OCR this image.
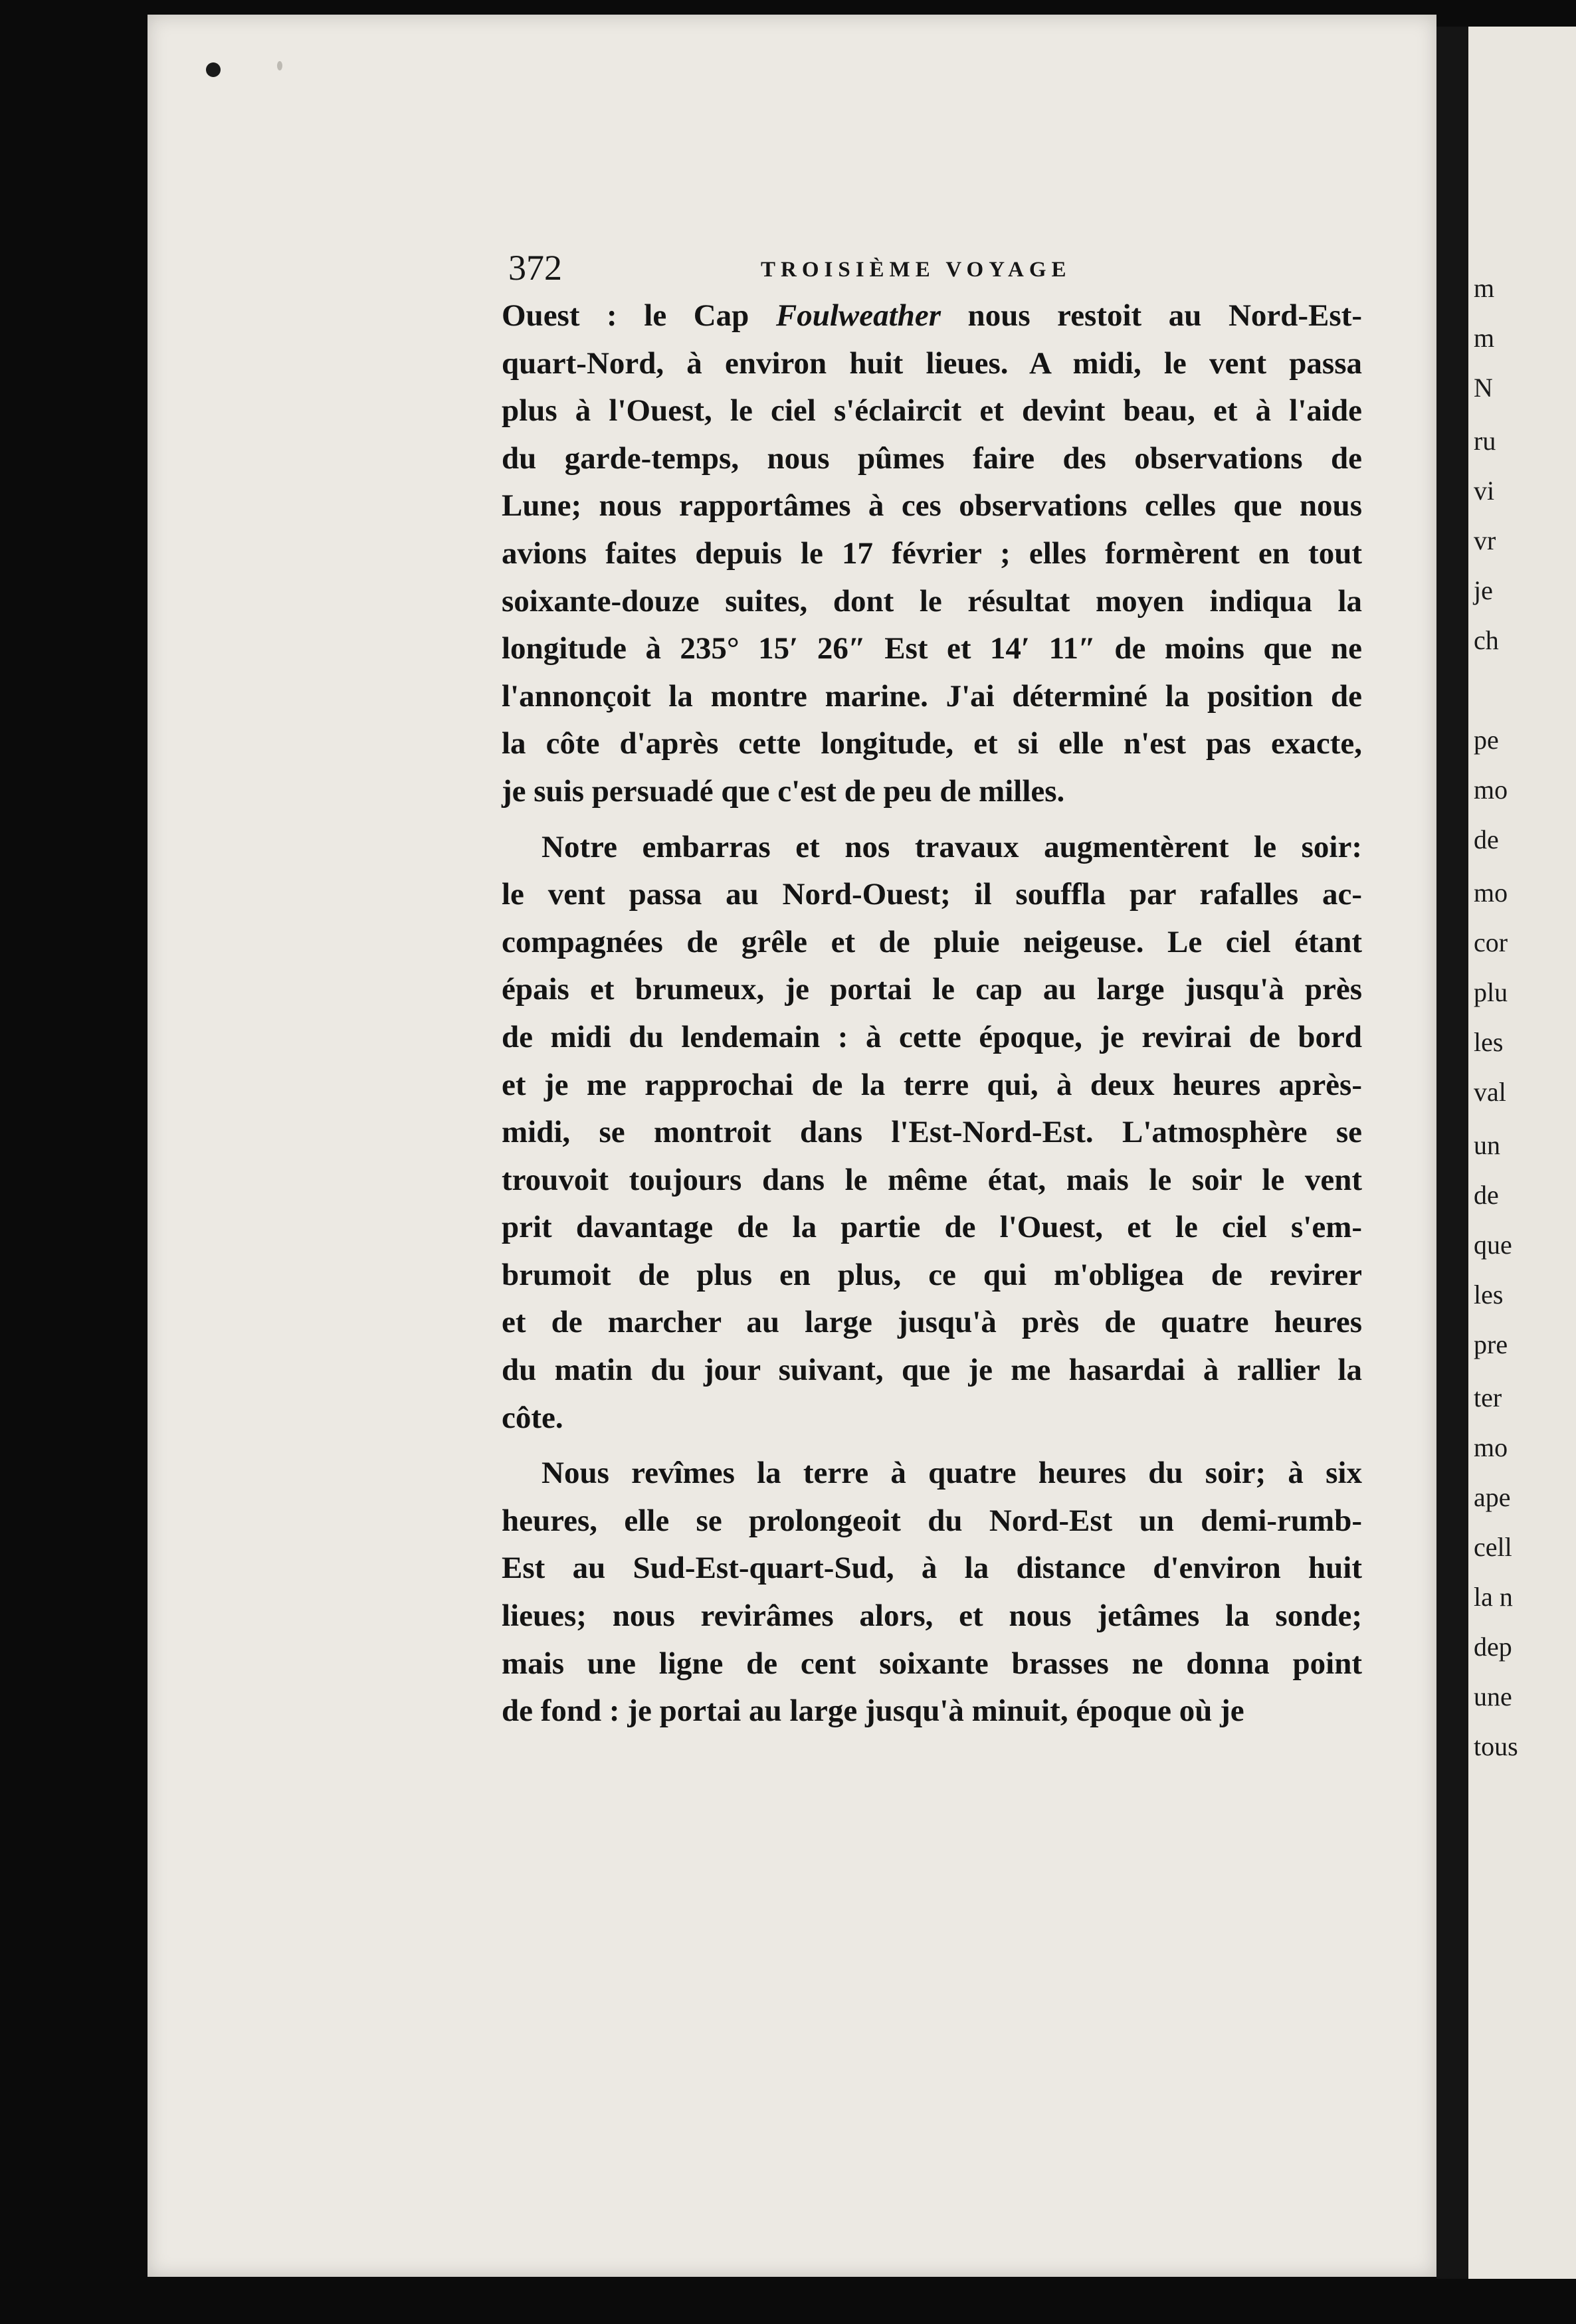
m
m
N
ru
vi
vr
je
ch
pe
mo
de
mo
cor
plu
les
val
un
de
que
les
pre
ter
mo
ape
cell
la n
dep
une
tous
372	TROISIÈME VOYAGE
Ouest : le Cap Foulweather nous restoit au Nord-Est-
quart-Nord, à environ huit lieues. A midi, le vent passa
plus à l'Ouest, le ciel s'éclaircit et devint beau, et à l'aide
du garde-temps, nous pûmes faire des observations de
Lune; nous rapportâmes à ces observations celles que nous
avions faites depuis le 17 février ; elles formèrent en tout
soixante-douze suites, dont le résultat moyen indiqua la
longitude à 235° 15′ 26″ Est et 14′ 11″ de moins que ne
l'annonçoit la montre marine. J'ai déterminé la position de
la côte d'après cette longitude, et si elle n'est pas exacte,
je suis persuadé que c'est de peu de milles.
Notre embarras et nos travaux augmentèrent le soir:
le vent passa au Nord-Ouest; il souffla par rafalles ac-
compagnées de grêle et de pluie neigeuse. Le ciel étant
épais et brumeux, je portai le cap au large jusqu'à près
de midi du lendemain : à cette époque, je revirai de bord
et je me rapprochai de la terre qui, à deux heures après-
midi, se montroit dans l'Est-Nord-Est. L'atmosphère se
trouvoit toujours dans le même état, mais le soir le vent
prit davantage de la partie de l'Ouest, et le ciel s'em-
brumoit de plus en plus, ce qui m'obligea de revirer
et de marcher au large jusqu'à près de quatre heures
du matin du jour suivant, que je me hasardai à rallier la
côte.
Nous revîmes la terre à quatre heures du soir; à six
heures, elle se prolongeoit du Nord-Est un demi-rumb-
Est au Sud-Est-quart-Sud, à la distance d'environ huit
lieues; nous revirâmes alors, et nous jetâmes la sonde;
mais une ligne de cent soixante brasses ne donna point
de fond : je portai au large jusqu'à minuit, époque où je
